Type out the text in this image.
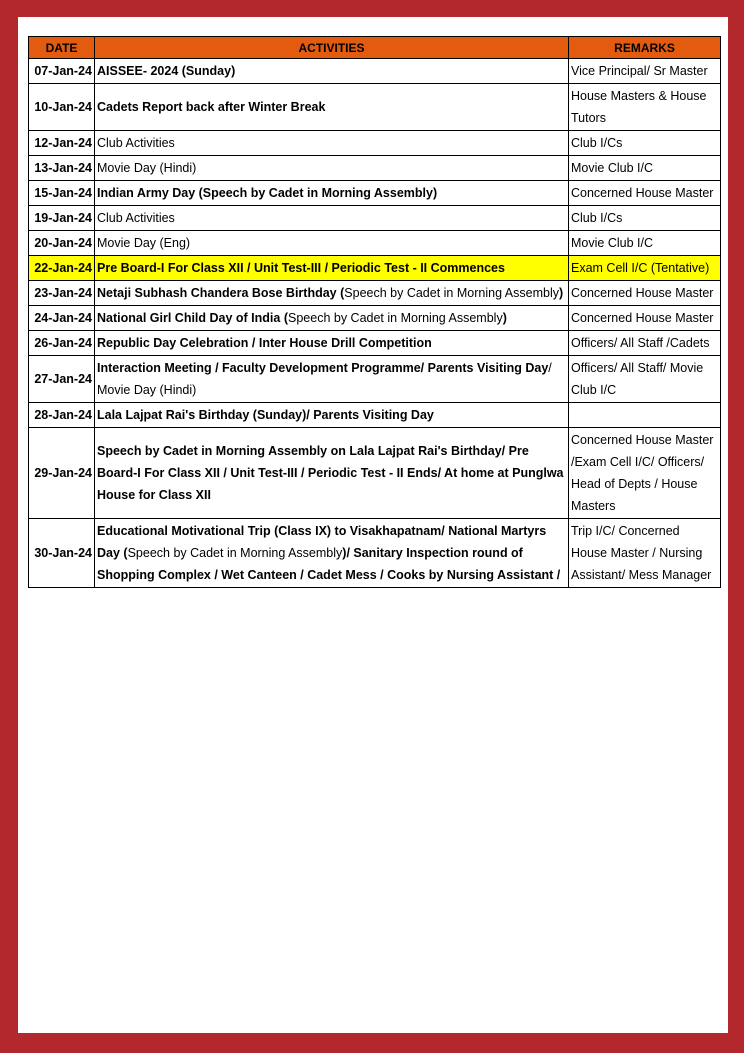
DATE	ACTIVITIES	REMARKS
07-Jan-24	AISSEE- 2024 (Sunday)	Vice Principal/ Sr Master
10-Jan-24	Cadets Report back after Winter Break	House Masters & House Tutors
12-Jan-24	Club Activities	Club I/Cs
13-Jan-24	Movie Day (Hindi)	Movie Club I/C
15-Jan-24	Indian Army Day (Speech by Cadet in Morning Assembly)	Concerned House Master
19-Jan-24	Club Activities	Club I/Cs
20-Jan-24	Movie Day (Eng)	Movie Club I/C
22-Jan-24	Pre Board-I For Class XII / Unit Test-III / Periodic Test - II Commences	Exam Cell I/C (Tentative)
23-Jan-24	Netaji Subhash Chandera Bose Birthday (Speech by Cadet in Morning Assembly)	Concerned House Master
24-Jan-24	National Girl Child Day of India (Speech by Cadet in Morning Assembly)	Concerned House Master
26-Jan-24	Republic Day Celebration / Inter House Drill Competition	Officers/ All Staff /Cadets
27-Jan-24	Interaction Meeting / Faculty Development Programme/ Parents Visiting Day/ Movie Day (Hindi)	Officers/ All Staff/ Movie Club I/C
28-Jan-24	Lala Lajpat Rai's Birthday (Sunday)/ Parents Visiting Day	
29-Jan-24	Speech by Cadet in Morning Assembly on Lala Lajpat Rai's Birthday/ Pre Board-I For Class XII / Unit Test-III / Periodic Test - II Ends/ At home at Punglwa House for Class XII	Concerned House Master /Exam Cell I/C/ Officers/ Head of Depts / House Masters
30-Jan-24	Educational Motivational Trip (Class IX) to Visakhapatnam/ National Martyrs Day (Speech by Cadet in Morning Assembly)/ Sanitary Inspection round of Shopping Complex / Wet Canteen / Cadet Mess / Cooks by Nursing Assistant /	Trip I/C/ Concerned House Master / Nursing Assistant/ Mess Manager
